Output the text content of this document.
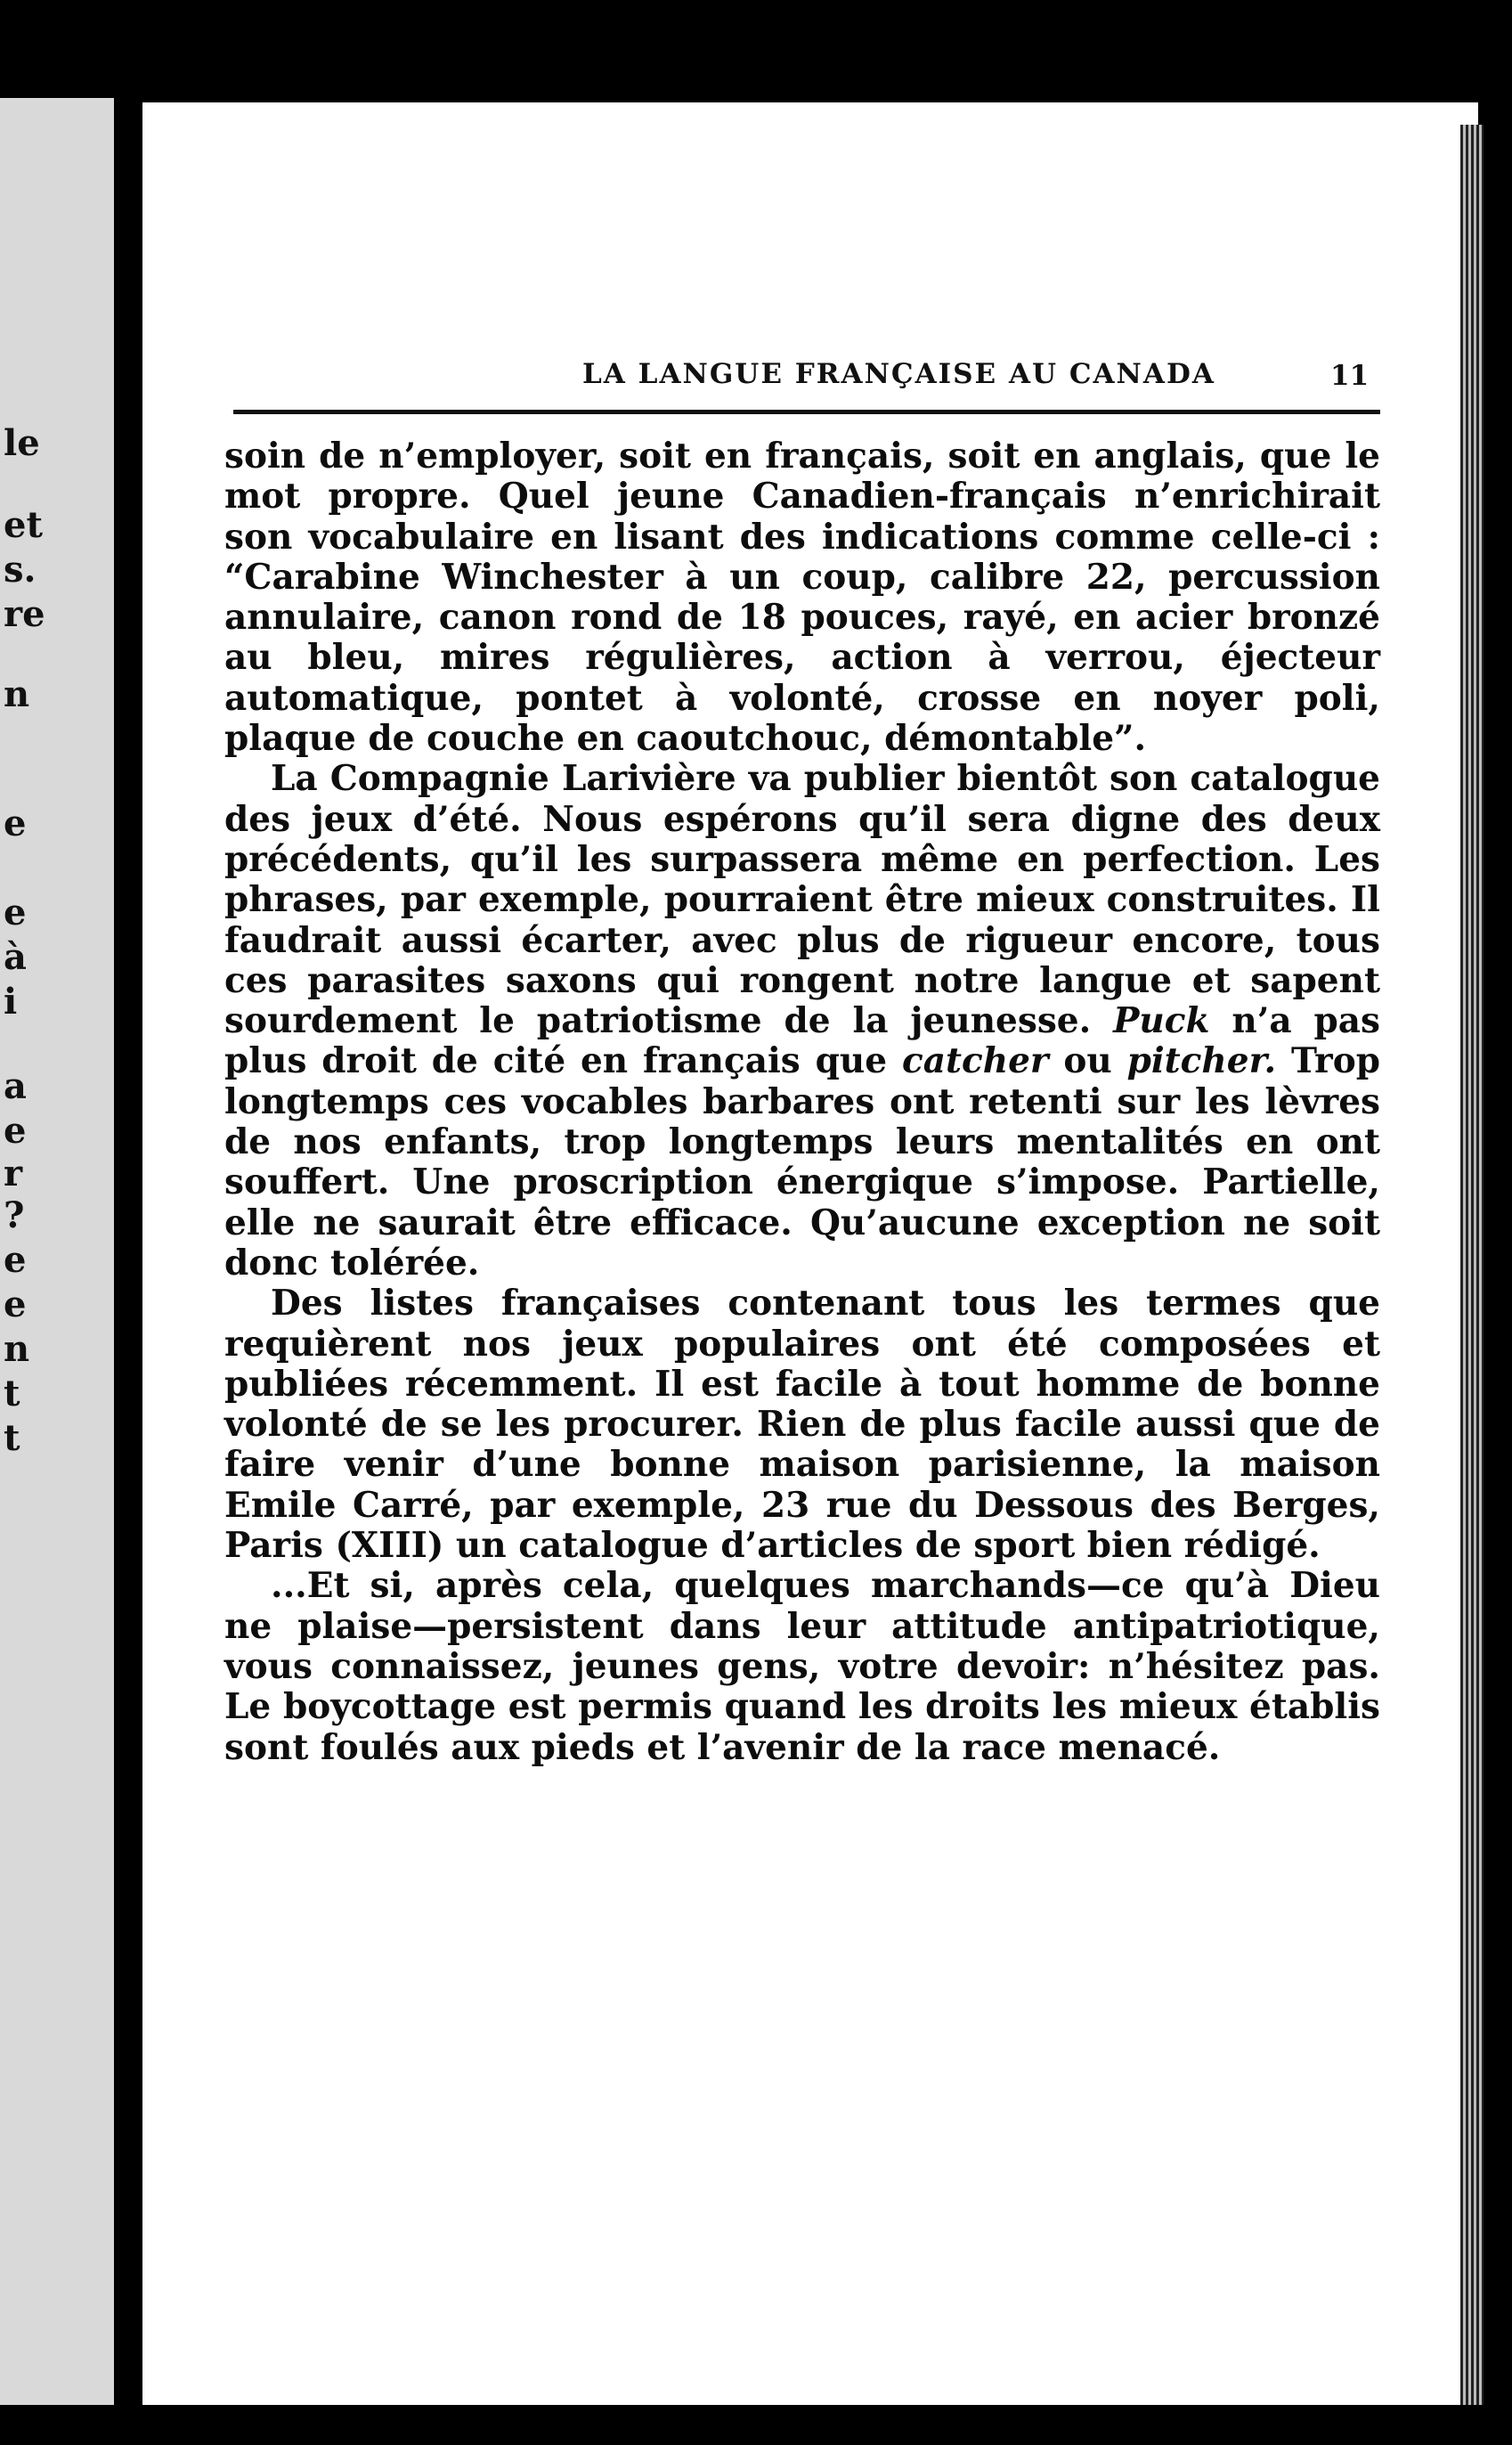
le
et
s.
re
n
e
e
à
i
a
e
r
?
e
e
n
t
t
LA LANGUE FRANÇAISE AU CANADA	11

soin de n’employer, soit en français, soit en anglais, que le mot propre. Quel jeune Canadien-français n’enrichirait son vocabulaire en lisant des indications comme celle-ci : “Carabine Winchester à un coup, calibre 22, percussion annulaire, canon rond de 18 pouces, rayé, en acier bronzé au bleu, mires régulières, action à verrou, éjecteur automatique, pontet à volonté, crosse en noyer poli, plaque de couche en caoutchouc, démontable”.

La Compagnie Larivière va publier bientôt son catalogue des jeux d’été. Nous espérons qu’il sera digne des deux précédents, qu’il les surpassera même en perfection. Les phrases, par exemple, pourraient être mieux construites. Il faudrait aussi écarter, avec plus de rigueur encore, tous ces parasites saxons qui rongent notre langue et sapent sourdement le patriotisme de la jeunesse. Puck n’a pas plus droit de cité en français que catcher ou pitcher. Trop longtemps ces vocables barbares ont retenti sur les lèvres de nos enfants, trop longtemps leurs mentalités en ont souffert. Une proscription énergique s’impose. Partielle, elle ne saurait être efficace. Qu’aucune exception ne soit donc tolérée.

Des listes françaises contenant tous les termes que requièrent nos jeux populaires ont été composées et publiées récemment. Il est facile à tout homme de bonne volonté de se les procurer. Rien de plus facile aussi que de faire venir d’une bonne maison parisienne, la maison Emile Carré, par exemple, 23 rue du Dessous des Berges, Paris (XIII) un catalogue d’articles de sport bien rédigé.

...Et si, après cela, quelques marchands—ce qu’à Dieu ne plaise—persistent dans leur attitude antipatriotique, vous connaissez, jeunes gens, votre devoir: n’hésitez pas. Le boycottage est permis quand les droits les mieux établis sont foulés aux pieds et l’avenir de la race menacé.
